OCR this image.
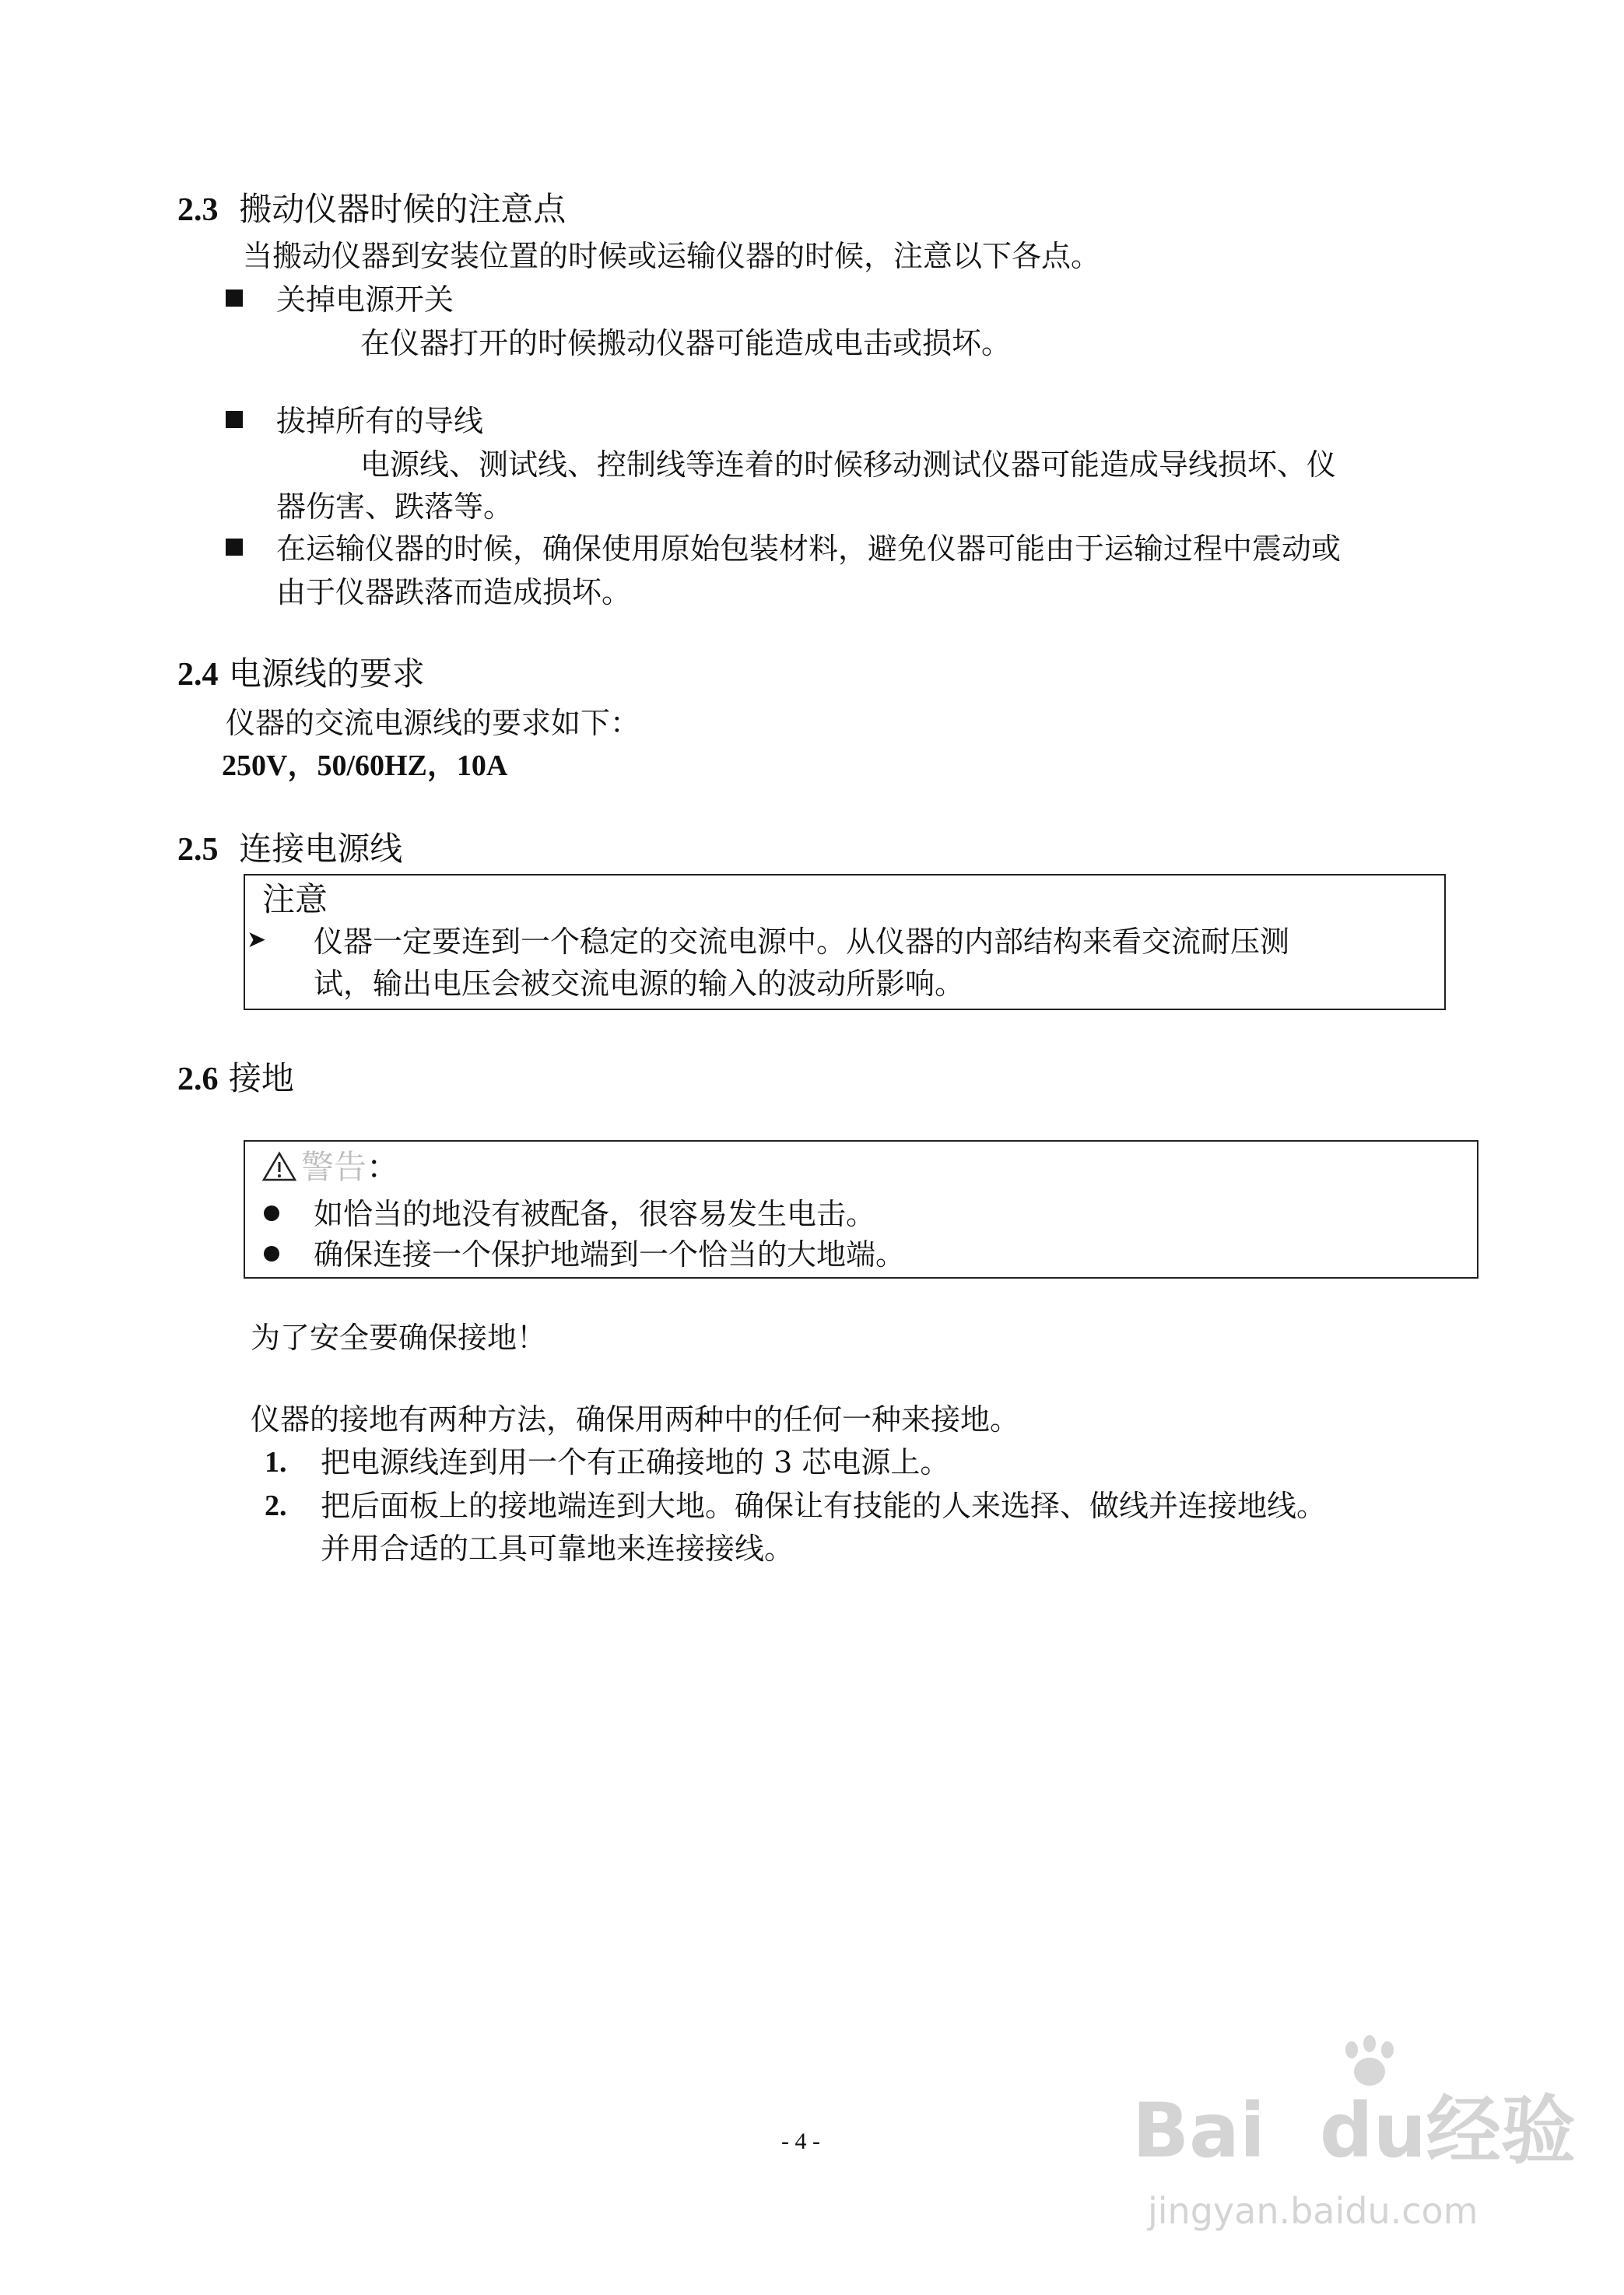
2.3 搬动仪器时候的注意点
当搬动仪器到安装位置的时候或运输仪器的时候，注意以下各点。
关掉电源开关
在仪器打开的时候搬动仪器可能造成电击或损坏。
拔掉所有的导线
电源线、测试线、控制线等连着的时候移动测试仪器可能造成导线损坏、仪
器伤害、跌落等。
在运输仪器的时候，确保使用原始包装材料，避免仪器可能由于运输过程中震动或
由于仪器跌落而造成损坏。
2.4 电源线的要求
仪器的交流电源线的要求如下：
250V，50/60HZ，10A
2.5 连接电源线
注意
➤ 仪器一定要连到一个稳定的交流电源中。从仪器的内部结构来看交流耐压测
试，输出电压会被交流电源的输入的波动所影响。
2.6 接地
警告：
如恰当的地没有被配备，很容易发生电击。
确保连接一个保护地端到一个恰当的大地端。
为了安全要确保接地！
仪器的接地有两种方法，确保用两种中的任何一种来接地。
1. 把电源线连到用一个有正确接地的 3 芯电源上。
2. 把后面板上的接地端连到大地。确保让有技能的人来选择、做线并连接地线。
并用合适的工具可靠地来连接接线。
- 4 -	Bai du经验
jingyan.baidu.com
